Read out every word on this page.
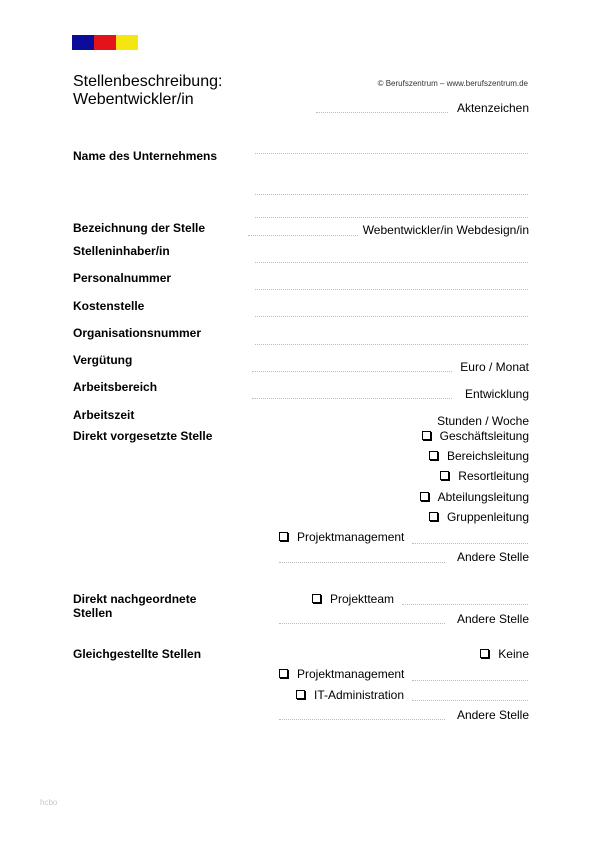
Stellenbeschreibung:
Webentwickler/in
© Berufszentrum – www.berufszentrum.de
Aktenzeichen
Name des Unternehmens
Bezeichnung der Stelle	Webentwickler/in Webdesign/in
Stelleninhaber/in
Personalnummer
Kostenstelle
Organisationsnummer
Vergütung	Euro / Monat
Arbeitsbereich	Entwicklung
Arbeitszeit	Stunden / Woche
Direkt vorgesetzte Stelle	Geschäftsleitung
Bereichsleitung
Resortleitung
Abteilungsleitung
Gruppenleitung
Projektmanagement
Andere Stelle
Direkt nachgeordnete
Stellen
Projektteam
Andere Stelle
Gleichgestellte Stellen	Keine
Projektmanagement
IT-Administration
Andere Stelle
hcbo
